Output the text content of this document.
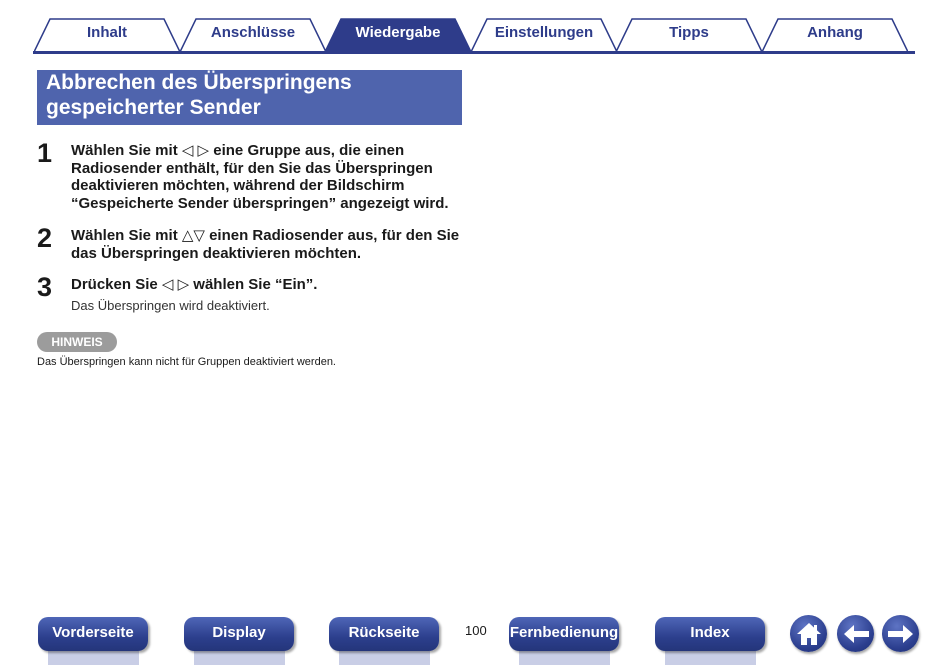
Inhalt	Anschlüsse	Wiedergabe	Einstellungen	Tipps	Anhang
Abbrechen des Überspringens
gespeicherter Sender
1 Wählen Sie mit ◁ ▷ eine Gruppe aus, die einen
Radiosender enthält, für den Sie das Überspringen
deaktivieren möchten, während der Bildschirm
“Gespeicherte Sender überspringen” angezeigt wird.

2 Wählen Sie mit △▽ einen Radiosender aus, für den Sie
das Überspringen deaktivieren möchten.

3 Drücken Sie ◁ ▷ wählen Sie “Ein”.

Das Überspringen wird deaktiviert.

HINWEIS
Das Überspringen kann nicht für Gruppen deaktiviert werden.
Vorderseite	Display	Rückseite	100 Fernbedienung	Index
